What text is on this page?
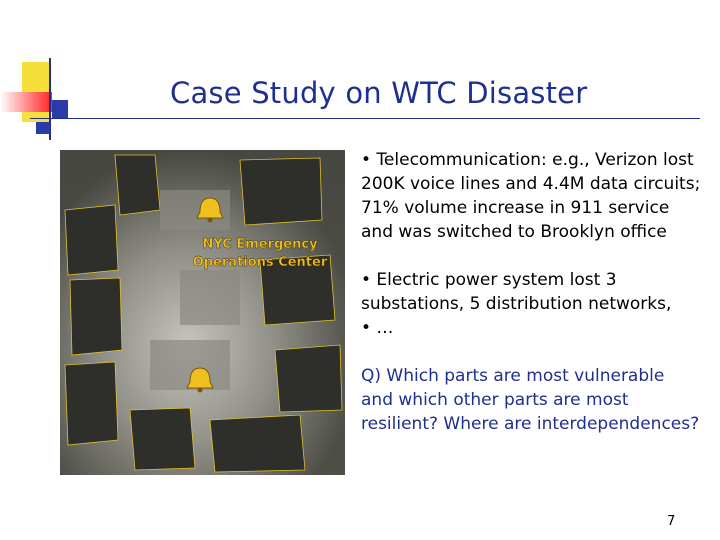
Case Study on WTC Disaster
NYC Emergency
Operations Center
• Telecommunication: e.g., Verizon lost
200K voice lines and 4.4M data circuits;
71% volume increase in 911 service
and was switched to Brooklyn office
• Electric power system lost 3
substations, 5 distribution networks,
• …
Q) Which parts are most vulnerable
and which other parts are most
resilient? Where are interdependences?
7
